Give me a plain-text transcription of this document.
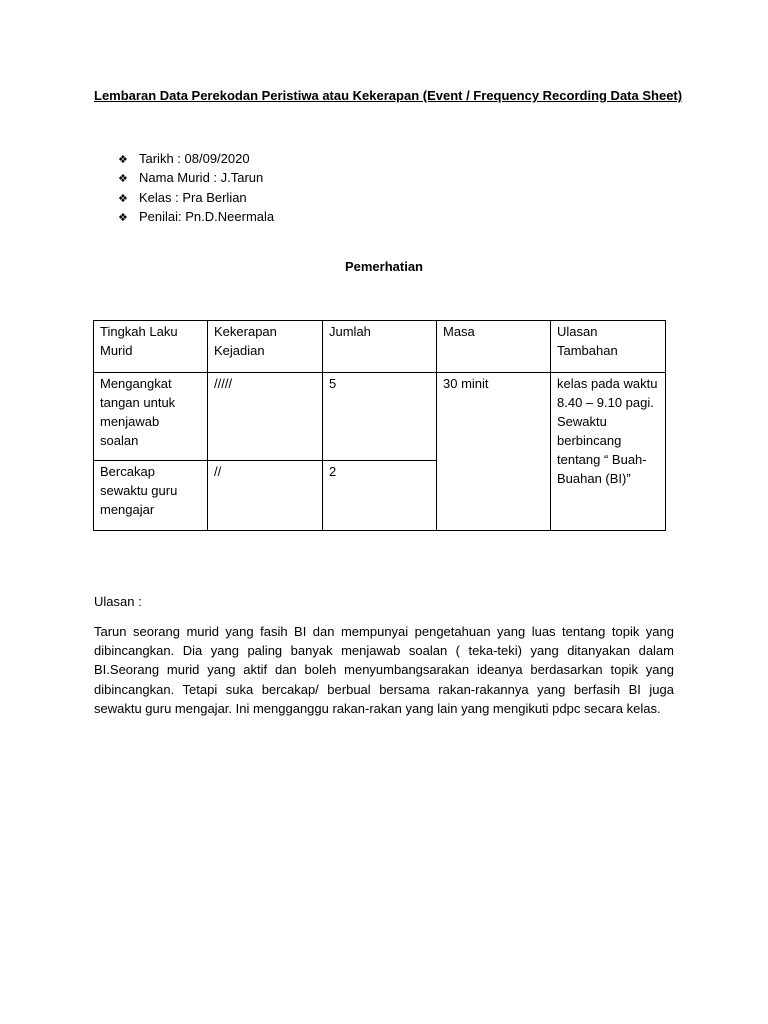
Lembaran Data Perekodan Peristiwa atau Kekerapan (Event / Frequency Recording Data Sheet)
❖ Tarikh : 08/09/2020
❖ Nama Murid : J.Tarun
❖ Kelas : Pra Berlian
❖ Penilai: Pn.D.Neermala
Pemerhatian
Tingkah Laku Murid	Kekerapan Kejadian	Jumlah	Masa	Ulasan Tambahan
Mengangkat tangan untuk menjawab soalan	/////	5	30 minit	kelas pada waktu 8.40 – 9.10 pagi. Sewaktu berbincang tentang “ Buah-Buahan (BI)”
Bercakap sewaktu guru mengajar	//	2		
Ulasan :
Tarun seorang murid yang fasih BI dan mempunyai pengetahuan yang luas tentang topik yang dibincangkan. Dia yang paling banyak menjawab soalan ( teka-teki) yang ditanyakan dalam BI.Seorang murid yang aktif dan boleh menyumbangsarakan ideanya berdasarkan topik yang dibincangkan. Tetapi suka bercakap/ berbual bersama rakan-rakannya yang berfasih BI juga sewaktu guru mengajar. Ini mengganggu rakan-rakan yang lain yang mengikuti pdpc secara kelas.
